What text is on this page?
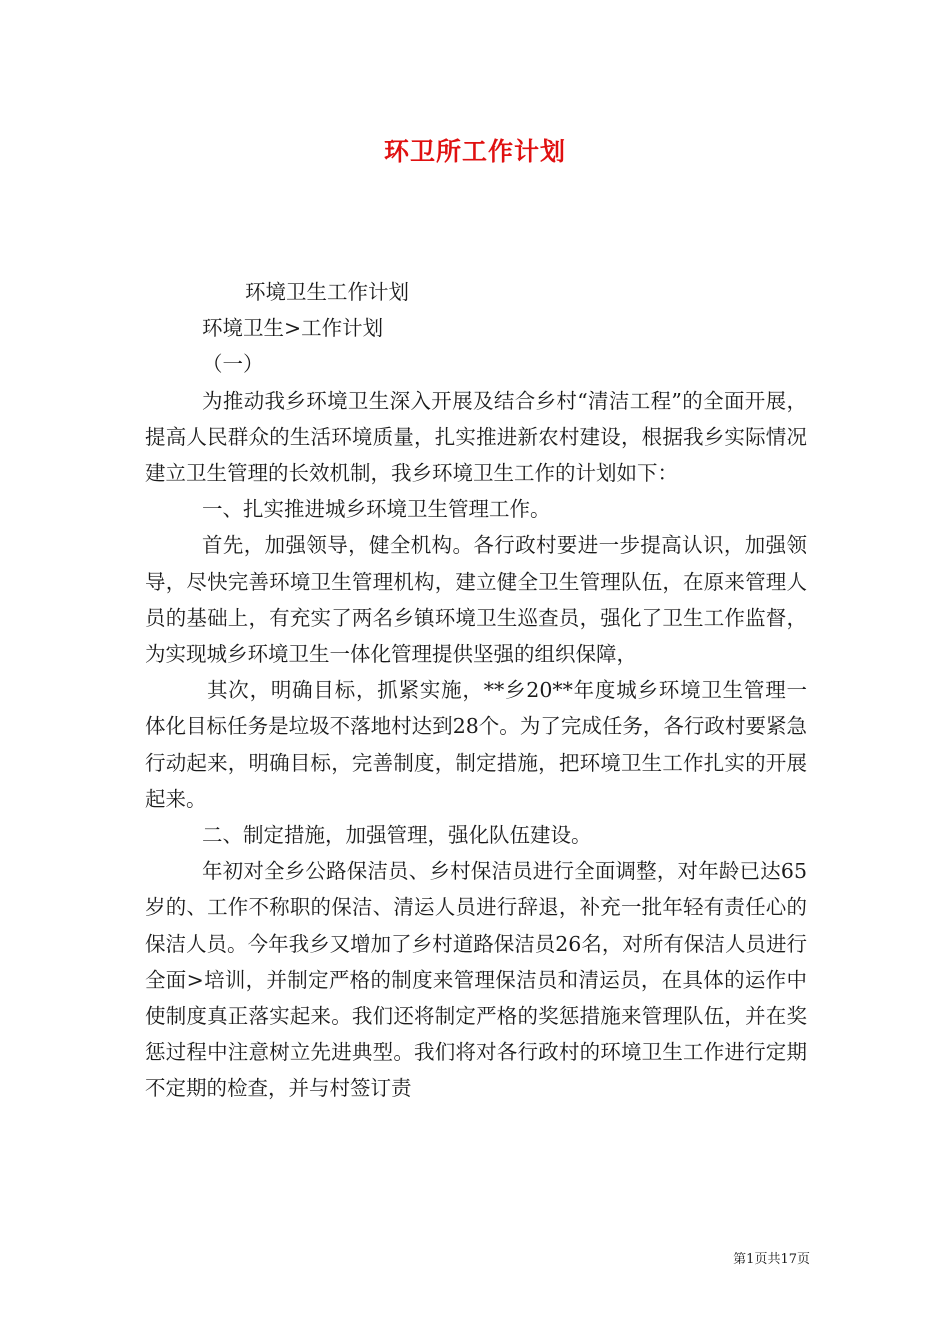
环卫所工作计划

环境卫生工作计划

环境卫生>工作计划

（一）

为推动我乡环境卫生深入开展及结合乡村“清洁工程”的全面开展，提高人民群众的生活环境质量，扎实推进新农村建设，根据我乡实际情况建立卫生管理的长效机制，我乡环境卫生工作的计划如下：

一、扎实推进城乡环境卫生管理工作。

首先，加强领导，健全机构。各行政村要进一步提高认识，加强领导，尽快完善环境卫生管理机构，建立健全卫生管理队伍，在原来管理人员的基础上，有充实了两名乡镇环境卫生巡查员，强化了卫生工作监督，为实现城乡环境卫生一体化管理提供坚强的组织保障，

其次，明确目标，抓紧实施，**乡20**年度城乡环境卫生管理一体化目标任务是垃圾不落地村达到28个。为了完成任务，各行政村要紧急行动起来，明确目标，完善制度，制定措施，把环境卫生工作扎实的开展起来。

二、制定措施，加强管理，强化队伍建设。

年初对全乡公路保洁员、乡村保洁员进行全面调整，对年龄已达65岁的、工作不称职的保洁、清运人员进行辞退，补充一批年轻有责任心的保洁人员。今年我乡又增加了乡村道路保洁员26名，对所有保洁人员进行全面>培训，并制定严格的制度来管理保洁员和清运员，在具体的运作中使制度真正落实起来。我们还将制定严格的奖惩措施来管理队伍，并在奖惩过程中注意树立先进典型。我们将对各行政村的环境卫生工作进行定期不定期的检查，并与村签订责

第1页共17页
